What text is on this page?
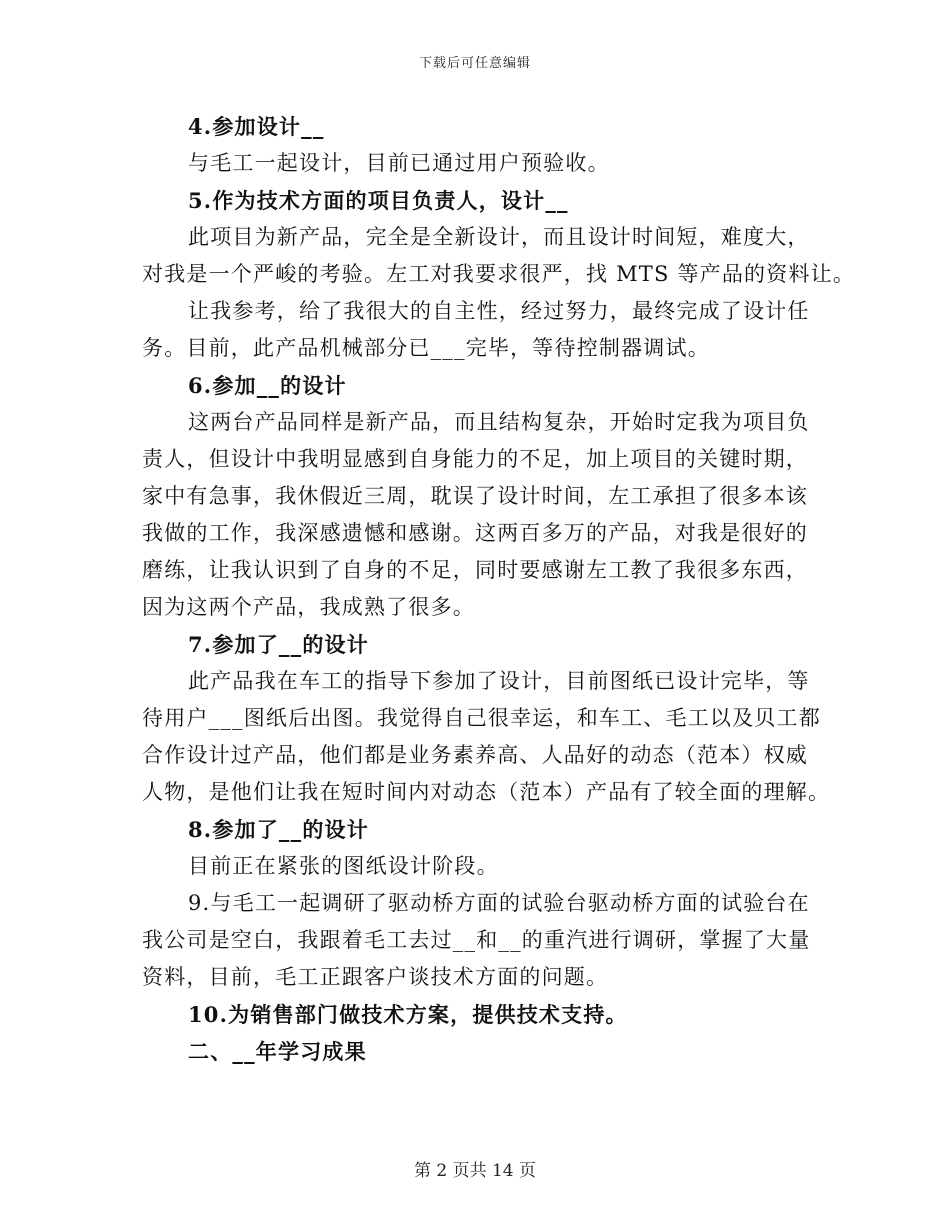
下载后可任意编辑
4.参加设计__
与毛工一起设计，目前已通过用户预验收。
5.作为技术方面的项目负责人，设计__
此项目为新产品，完全是全新设计，而且设计时间短，难度大，
对我是一个严峻的考验。左工对我要求很严，找 MTS 等产品的资料让。
让我参考，给了我很大的自主性，经过努力，最终完成了设计任
务。目前，此产品机械部分已___完毕，等待控制器调试。
6.参加__的设计
这两台产品同样是新产品，而且结构复杂，开始时定我为项目负
责人，但设计中我明显感到自身能力的不足，加上项目的关键时期，
家中有急事，我休假近三周，耽误了设计时间，左工承担了很多本该
我做的工作，我深感遗憾和感谢。这两百多万的产品，对我是很好的
磨练，让我认识到了自身的不足，同时要感谢左工教了我很多东西，
因为这两个产品，我成熟了很多。
7.参加了__的设计
此产品我在车工的指导下参加了设计，目前图纸已设计完毕，等
待用户___图纸后出图。我觉得自己很幸运，和车工、毛工以及贝工都
合作设计过产品，他们都是业务素养高、人品好的动态（范本）权威
人物，是他们让我在短时间内对动态（范本）产品有了较全面的理解。
8.参加了__的设计
目前正在紧张的图纸设计阶段。
9.与毛工一起调研了驱动桥方面的试验台驱动桥方面的试验台在
我公司是空白，我跟着毛工去过__和__的重汽进行调研，掌握了大量
资料，目前，毛工正跟客户谈技术方面的问题。
10.为销售部门做技术方案，提供技术支持。
二、__年学习成果
第 2 页共 14 页
